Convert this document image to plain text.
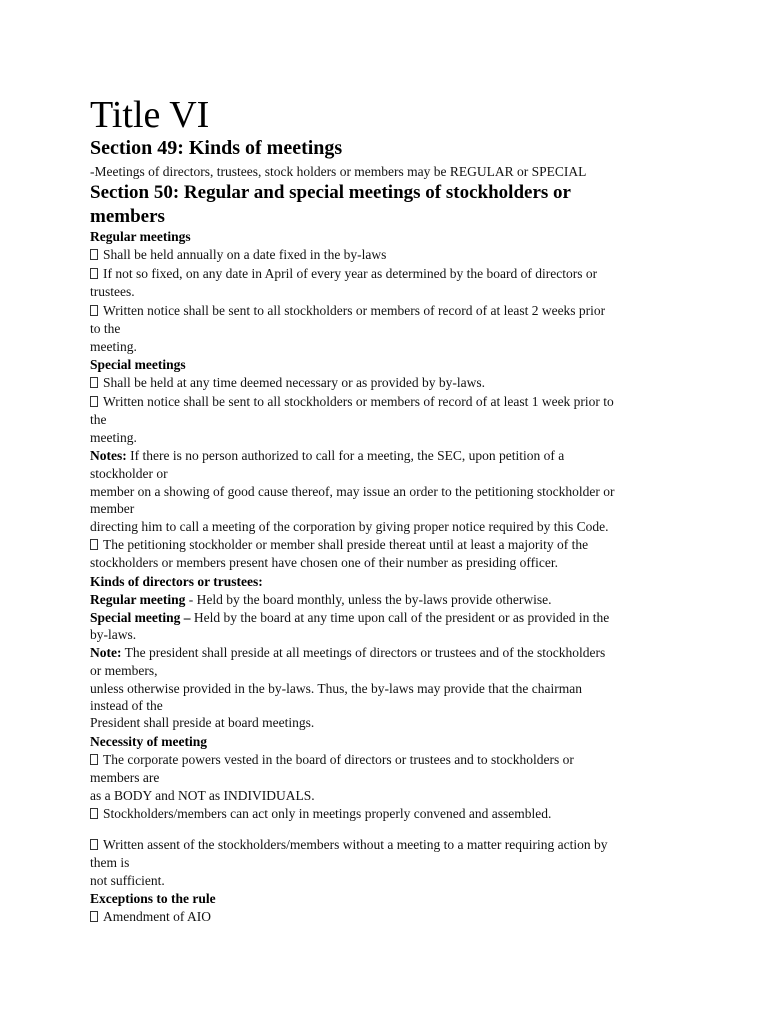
Title VI
Section 49: Kinds of meetings
-Meetings of directors, trustees, stock holders or members may be REGULAR or SPECIAL
Section 50: Regular and special meetings of stockholders or
members
Regular meetings
Shall be held annually on a date fixed in the by-laws
If not so fixed, on any date in April of every year as determined by the board of directors or
trustees.
Written notice shall be sent to all stockholders or members of record of at least 2 weeks prior
to the
meeting.
Special meetings
Shall be held at any time deemed necessary or as provided by by-laws.
Written notice shall be sent to all stockholders or members of record of at least 1 week prior to
the
meeting.
Notes: If there is no person authorized to call for a meeting, the SEC, upon petition of a
stockholder or
member on a showing of good cause thereof, may issue an order to the petitioning stockholder or
member
directing him to call a meeting of the corporation by giving proper notice required by this Code.
The petitioning stockholder or member shall preside thereat until at least a majority of the
stockholders or members present have chosen one of their number as presiding officer.
Kinds of directors or trustees:
Regular meeting - Held by the board monthly, unless the by-laws provide otherwise.
Special meeting – Held by the board at any time upon call of the president or as provided in the
by-laws.
Note: The president shall preside at all meetings of directors or trustees and of the stockholders
or members,
unless otherwise provided in the by-laws. Thus, the by-laws may provide that the chairman
instead of the
President shall preside at board meetings.
Necessity of meeting
The corporate powers vested in the board of directors or trustees and to stockholders or
members are
as a BODY and NOT as INDIVIDUALS.
Stockholders/members can act only in meetings properly convened and assembled.
Written assent of the stockholders/members without a meeting to a matter requiring action by
them is
not sufficient.
Exceptions to the rule
Amendment of AIO
